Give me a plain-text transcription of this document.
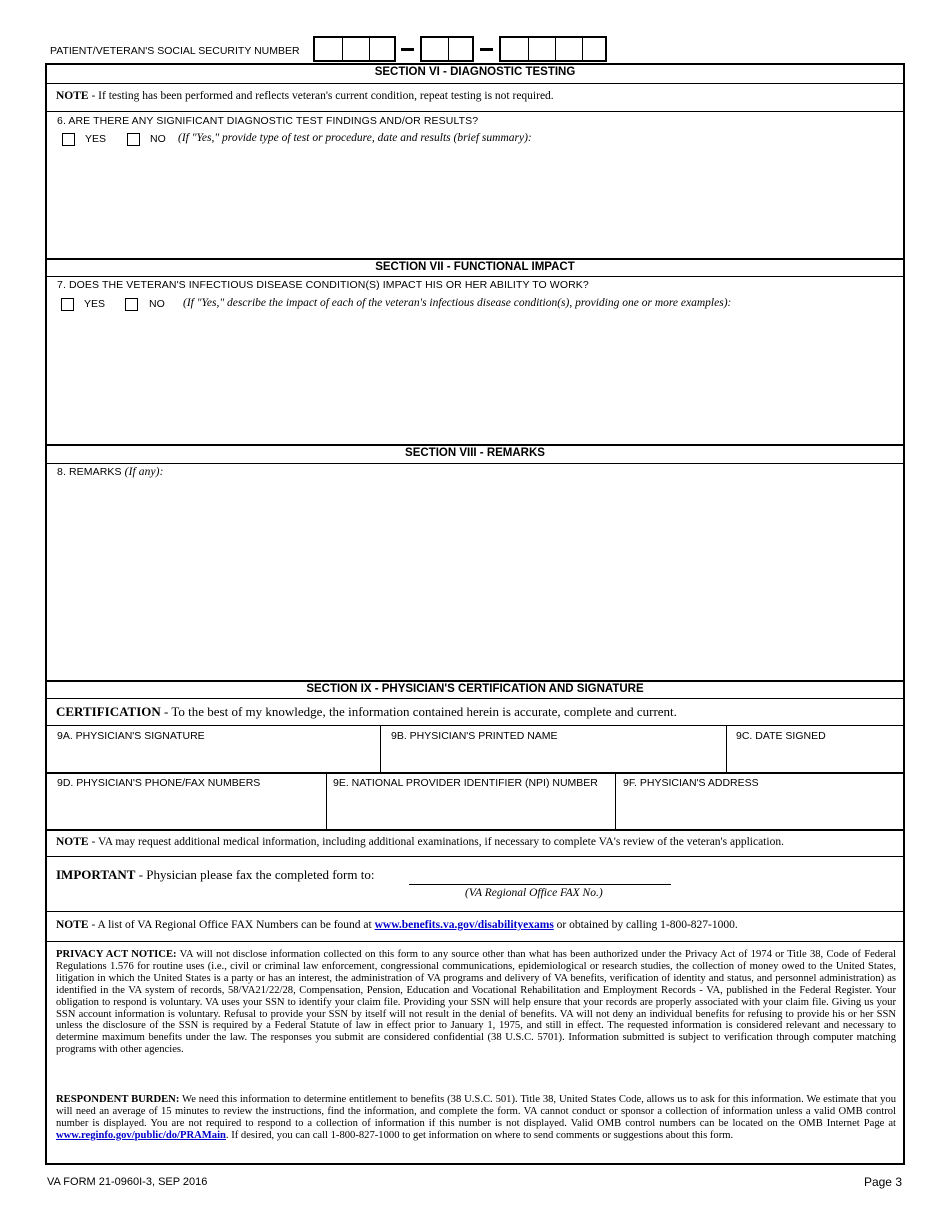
PATIENT/VETERAN'S SOCIAL SECURITY NUMBER
SECTION VI - DIAGNOSTIC TESTING
NOTE - If testing has been performed and reflects veteran's current condition, repeat testing is not required.
6. ARE THERE ANY SIGNIFICANT DIAGNOSTIC TEST FINDINGS AND/OR RESULTS?
YES	NO (If "Yes," provide type of test or procedure, date and results (brief summary):
SECTION VII - FUNCTIONAL IMPACT
7. DOES THE VETERAN'S INFECTIOUS DISEASE CONDITION(S) IMPACT HIS OR HER ABILITY TO WORK?
YES	NO (If "Yes," describe the impact of each of the veteran's infectious disease condition(s), providing one or more examples):
SECTION VIII - REMARKS
8. REMARKS (If any):
SECTION IX - PHYSICIAN'S CERTIFICATION AND SIGNATURE
CERTIFICATION - To the best of my knowledge, the information contained herein is accurate, complete and current.
9A. PHYSICIAN'S SIGNATURE	9B. PHYSICIAN'S PRINTED NAME	9C. DATE SIGNED
9D. PHYSICIAN'S PHONE/FAX NUMBERS	9E. NATIONAL PROVIDER IDENTIFIER (NPI) NUMBER 9F. PHYSICIAN'S ADDRESS
NOTE - VA may request additional medical information, including additional examinations, if necessary to complete VA's review of the veteran's application.
IMPORTANT - Physician please fax the completed form to:
(VA Regional Office FAX No.)
NOTE - A list of VA Regional Office FAX Numbers can be found at www.benefits.va.gov/disabilityexams or obtained by calling 1-800-827-1000.
PRIVACY ACT NOTICE: VA will not disclose information collected on this form to any source other than what has been authorized under the Privacy Act of 1974 or Title 38, Code of Federal Regulations 1.576 for routine uses (i.e., civil or criminal law enforcement, congressional communications, epidemiological or research studies, the collection of money owed to the United States, litigation in which the United States is a party or has an interest, the administration of VA programs and delivery of VA benefits, verification of identity and status, and personnel administration) as identified in the VA system of records, 58/VA21/22/28, Compensation, Pension, Education and Vocational Rehabilitation and Employment Records - VA, published in the Federal Register. Your obligation to respond is voluntary. VA uses your SSN to identify your claim file. Providing your SSN will help ensure that your records are properly associated with your claim file. Giving us your SSN account information is voluntary. Refusal to provide your SSN by itself will not result in the denial of benefits. VA will not deny an individual benefits for refusing to provide his or her SSN unless the disclosure of the SSN is required by a Federal Statute of law in effect prior to January 1, 1975, and still in effect. The requested information is considered relevant and necessary to determine maximum benefits under the law. The responses you submit are considered confidential (38 U.S.C. 5701). Information submitted is subject to verification through computer matching programs with other agencies.
RESPONDENT BURDEN: We need this information to determine entitlement to benefits (38 U.S.C. 501). Title 38, United States Code, allows us to ask for this information. We estimate that you will need an average of 15 minutes to review the instructions, find the information, and complete the form. VA cannot conduct or sponsor a collection of information unless a valid OMB control number is displayed. You are not required to respond to a collection of information if this number is not displayed. Valid OMB control numbers can be located on the OMB Internet Page at www.reginfo.gov/public/do/PRAMain. If desired, you can call 1-800-827-1000 to get information on where to send comments or suggestions about this form.
VA FORM 21-0960I-3, SEP 2016	Page 3
